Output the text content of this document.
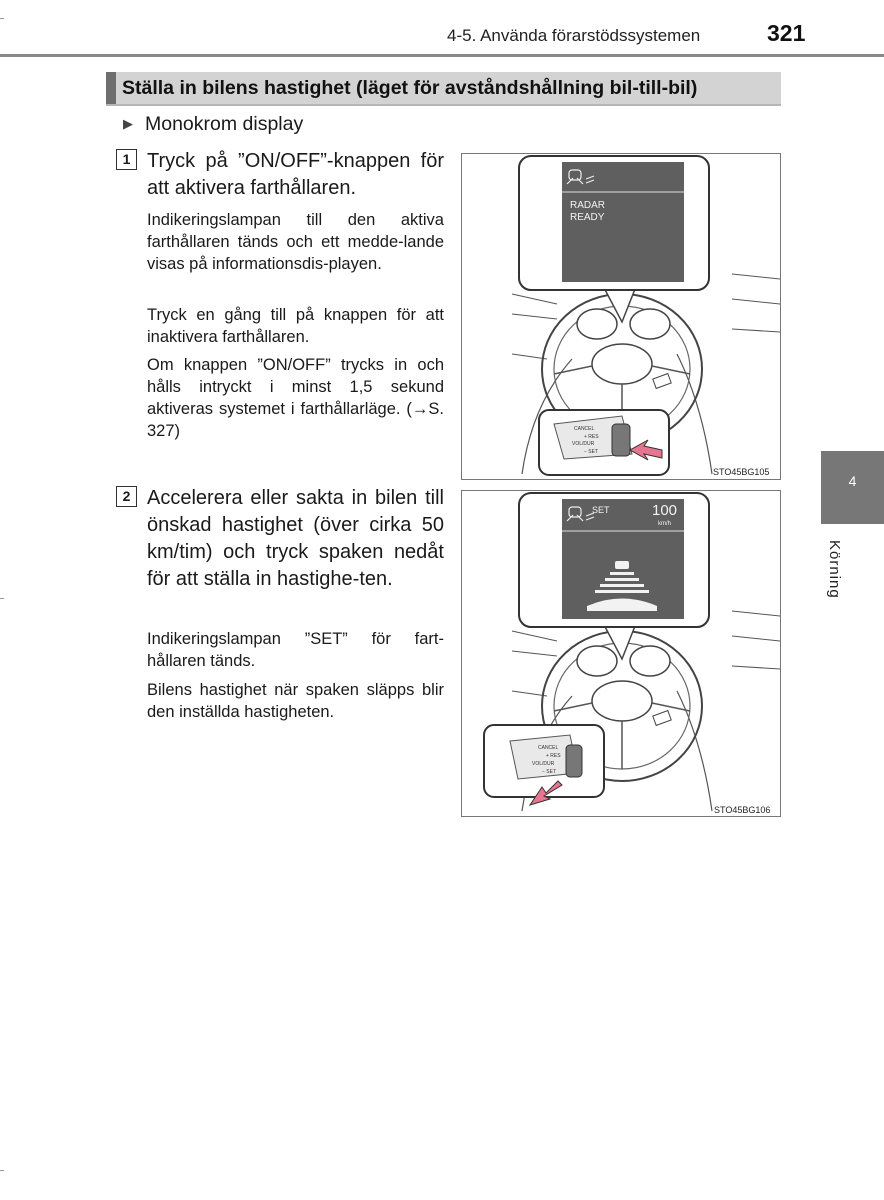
4-5. Använda förarstödssystemen	321
Ställa in bilens hastighet (läget för avståndshållning bil-till-bil)
▶ Monokrom display
1 Tryck på ”ON/OFF”-knappen för att aktivera farthållaren.
Indikeringslampan till den aktiva farthållaren tänds och ett medde-lande visas på informationsdis-playen.
Tryck en gång till på knappen för att inaktivera farthållaren.
Om knappen ”ON/OFF” trycks in och hålls intryckt i minst 1,5 sekund aktiveras systemet i farthållarläge. (→S. 327)
RADAR
READY
CANCEL
+ RES
VOL/DUR
− SET
STO45BG105
2 Accelerera eller sakta in bilen till önskad hastighet (över cirka 50 km/tim) och tryck spaken nedåt för att ställa in hastighe-ten.
Indikeringslampan ”SET” för fart-hållaren tänds.
Bilens hastighet när spaken släpps blir den inställda hastigheten.
SET	100
km/h
CANCEL
+ RES
VOL/DUR
− SET
STO45BG106
4
Körning
